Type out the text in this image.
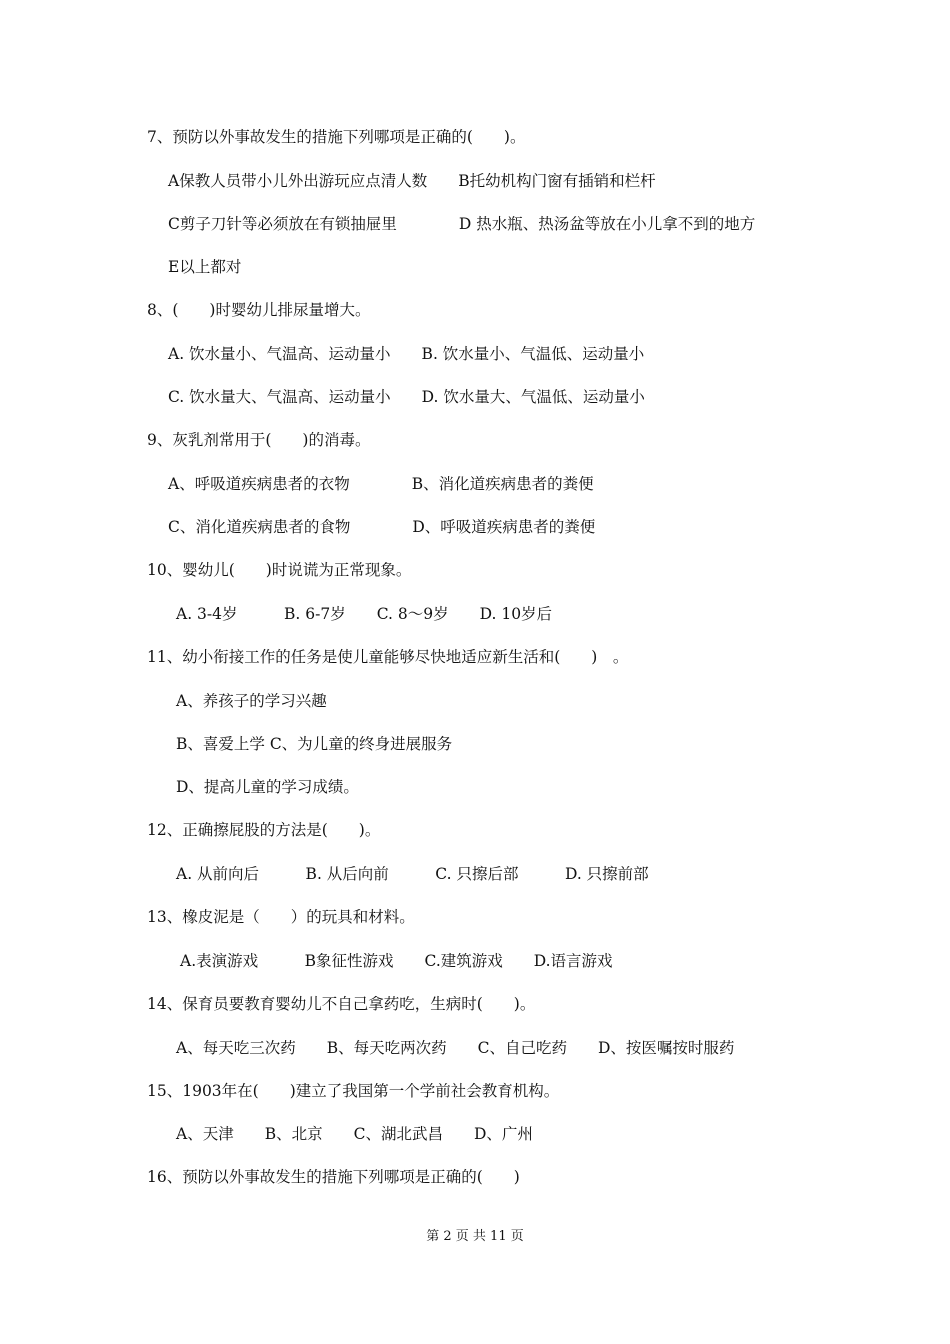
7、预防以外事故发生的措施下列哪项是正确的(　　)。
A保教人员带小儿外出游玩应点清人数　　B托幼机构门窗有插销和栏杆
C剪子刀针等必须放在有锁抽屉里　　　　D 热水瓶、热汤盆等放在小儿拿不到的地方
E以上都对
8、(　　)时婴幼儿排尿量增大。
A. 饮水量小、气温高、运动量小　　B. 饮水量小、气温低、运动量小
C. 饮水量大、气温高、运动量小　　D. 饮水量大、气温低、运动量小
9、灰乳剂常用于(　　)的消毒。
A、呼吸道疾病患者的衣物　　　　B、消化道疾病患者的粪便
C、消化道疾病患者的食物　　　　D、呼吸道疾病患者的粪便
10、婴幼儿(　　)时说谎为正常现象。
A. 3-4岁　　　B. 6-7岁　　C. 8～9岁　　D. 10岁后
11、幼小衔接工作的任务是使儿童能够尽快地适应新生活和(　　)　。
A、养孩子的学习兴趣
B、喜爱上学 C、为儿童的终身进展服务
D、提高儿童的学习成绩。
12、正确擦屁股的方法是(　　)。
A. 从前向后　　　B. 从后向前　　　C. 只擦后部　　　D. 只擦前部
13、橡皮泥是（　　）的玩具和材料。
A.表演游戏　　　B象征性游戏　　C.建筑游戏　　D.语言游戏
14、保育员要教育婴幼儿不自己拿药吃，生病时(　　)。
A、每天吃三次药　　B、每天吃两次药　　C、自己吃药　　D、按医嘱按时服药
15、1903年在(　　)建立了我国第一个学前社会教育机构。
A、天津　　B、北京　　C、湖北武昌　　D、广州
16、预防以外事故发生的措施下列哪项是正确的(　　)
第 2 页 共 11 页
